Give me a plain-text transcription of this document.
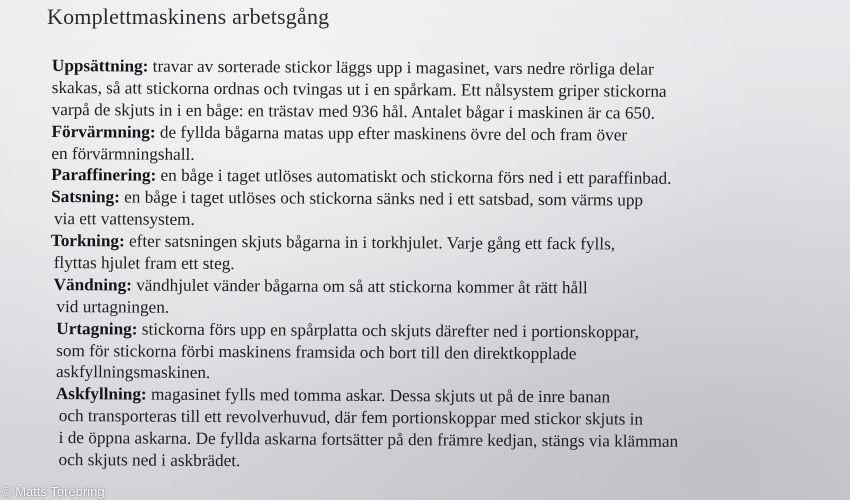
Komplettmaskinens arbetsgång
Uppsättning: travar av sorterade stickor läggs upp i magasinet, vars nedre rörliga delar
skakas, så att stickorna ordnas och tvingas ut i en spårkam. Ett nålsystem griper stickorna
varpå de skjuts in i en båge: en trästav med 936 hål. Antalet bågar i maskinen är ca 650.
Förvärmning: de fyllda bågarna matas upp efter maskinens övre del och fram över
en förvärmningshall.
Paraffinering: en båge i taget utlöses automatiskt och stickorna förs ned i ett paraffinbad.
Satsning: en båge i taget utlöses och stickorna sänks ned i ett satsbad, som värms upp
via ett vattensystem.
Torkning: efter satsningen skjuts bågarna in i torkhjulet. Varje gång ett fack fylls,
flyttas hjulet fram ett steg.
Vändning: vändhjulet vänder bågarna om så att stickorna kommer åt rätt håll
vid urtagningen.
Urtagning: stickorna förs upp en spårplatta och skjuts därefter ned i portionskoppar,
som för stickorna förbi maskinens framsida och bort till den direktkopplade
askfyllningsmaskinen.
Askfyllning: magasinet fylls med tomma askar. Dessa skjuts ut på de inre banan
och transporteras till ett revolverhuvud, där fem portionskoppar med stickor skjuts in
i de öppna askarna. De fyllda askarna fortsätter på den främre kedjan, stängs via klämman
och skjuts ned i askbrädet.
© Matts Torebring
